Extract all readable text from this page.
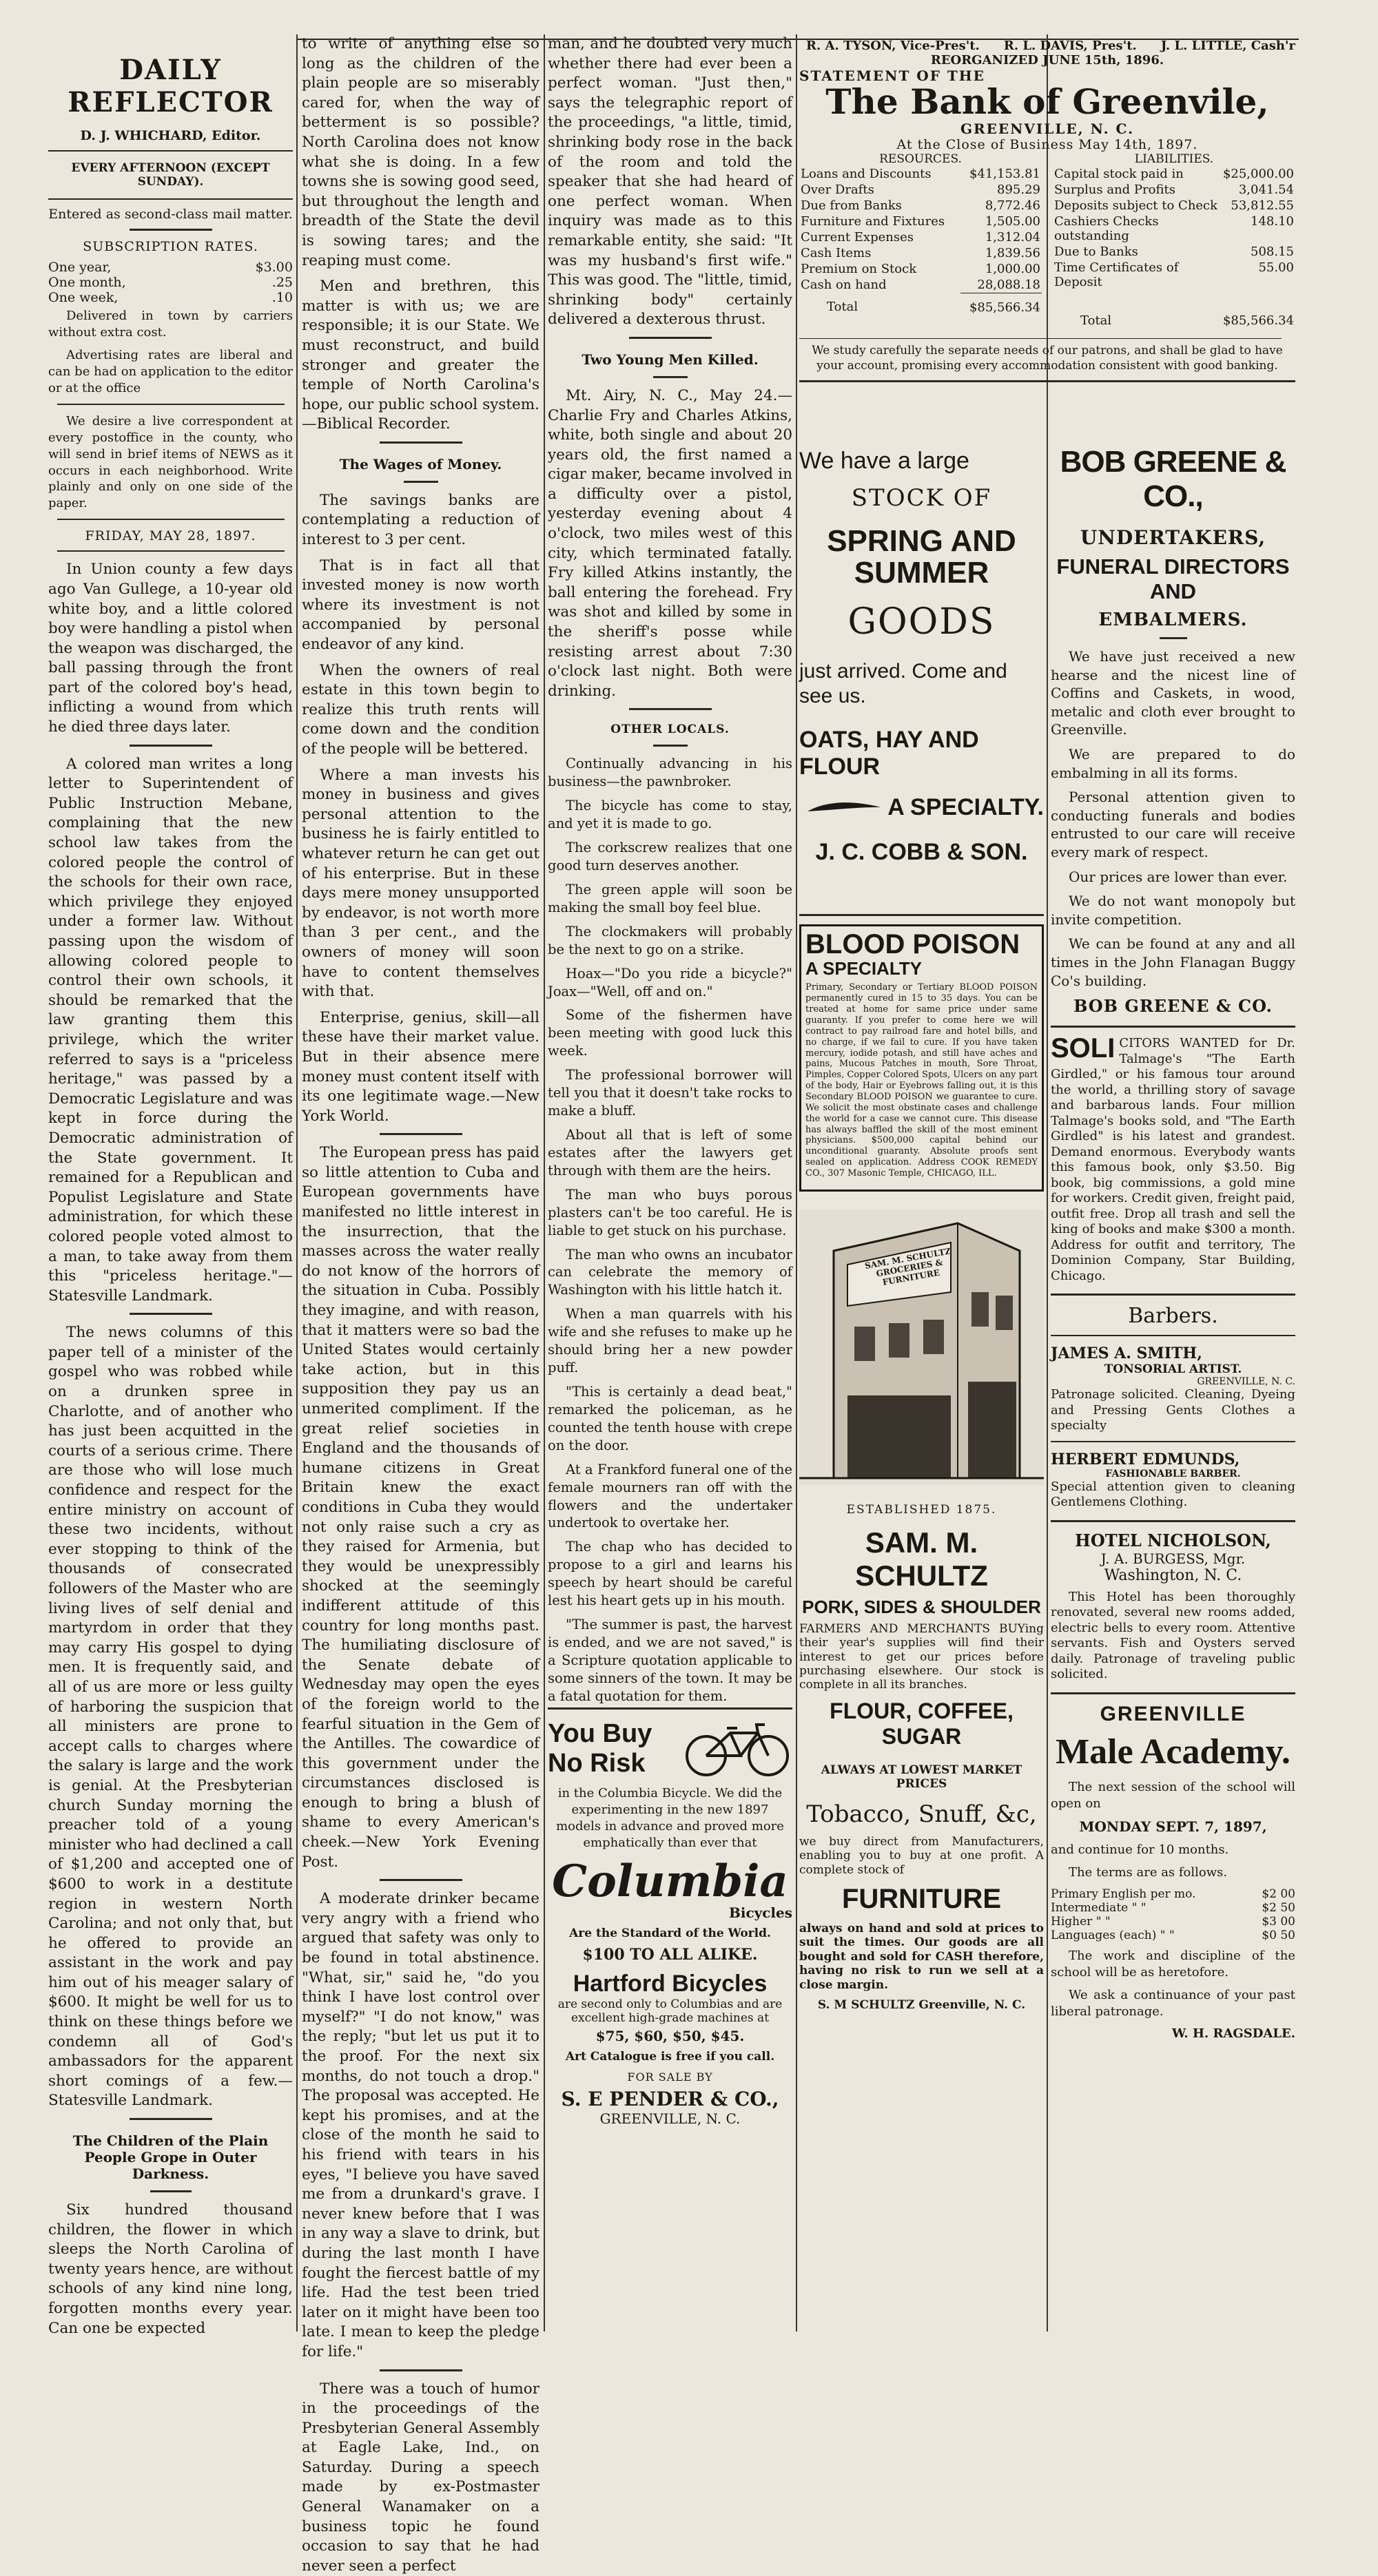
DAILY REFLECTOR
D. J. WHICHARD, Editor.
EVERY AFTERNOON (EXCEPT SUNDAY).
Entered as second-class mail matter.
SUBSCRIPTION RATES.
One year,	$3.00
One month,	.25
One week,	.10

Delivered in town by carriers without extra cost.

Advertising rates are liberal and can be had on application to the editor or at the office

We desire a live correspondent at every postoffice in the county, who will send in brief items of NEWS as it occurs in each neighborhood. Write plainly and only on one side of the paper.

FRIDAY, MAY 28, 1897.

In Union county a few days ago Van Gullege, a 10-year old white boy, and a little colored boy were handling a pistol when the weapon was discharged, the ball passing through the front part of the colored boy's head, inflicting a wound from which he died three days later.

A colored man writes a long letter to Superintendent of Public Instruction Mebane, complaining that the new school law takes from the colored people the control of the schools for their own race, which privilege they enjoyed under a former law. Without passing upon the wisdom of allowing colored people to control their own schools, it should be remarked that the law granting them this privilege, which the writer referred to says is a "priceless heritage," was passed by a Democratic Legislature and was kept in force during the Democratic administration of the State government. It remained for a Republican and Populist Legislature and State administration, for which these colored people voted almost to a man, to take away from them this "priceless heritage."—Statesville Landmark.

The news columns of this paper tell of a minister of the gospel who was robbed while on a drunken spree in Charlotte, and of another who has just been acquitted in the courts of a serious crime. There are those who will lose much confidence and respect for the entire ministry on account of these two incidents, without ever stopping to think of the thousands of consecrated followers of the Master who are living lives of self denial and martyrdom in order that they may carry His gospel to dying men. It is frequently said, and all of us are more or less guilty of harboring the suspicion that all ministers are prone to accept calls to charges where the salary is large and the work is genial. At the Presbyterian church Sunday morning the preacher told of a young minister who had declined a call of $1,200 and accepted one of $600 to work in a destitute region in western North Carolina; and not only that, but he offered to provide an assistant in the work and pay him out of his meager salary of $600. It might be well for us to think on these things before we condemn all of God's ambassadors for the apparent short comings of a few.—Statesville Landmark.

The Children of the Plain People Grope in Outer Darkness.

Six hundred thousand children, the flower in which sleeps the North Carolina of twenty years hence, are without schools of any kind nine long, forgotten months every year. Can one be expected

to write of anything else so long as the children of the plain people are so miserably cared for, when the way of betterment is so possible? North Carolina does not know what she is doing. In a few towns she is sowing good seed, but throughout the length and breadth of the State the devil is sowing tares; and the reaping must come.

Men and brethren, this matter is with us; we are responsible; it is our State. We must reconstruct, and build stronger and greater the temple of North Carolina's hope, our public school system.—Biblical Recorder.

The Wages of Money.

The savings banks are contemplating a reduction of interest to 3 per cent.

That is in fact all that invested money is now worth where its investment is not accompanied by personal endeavor of any kind.

When the owners of real estate in this town begin to realize this truth rents will come down and the condition of the people will be bettered.

Where a man invests his money in business and gives personal attention to the business he is fairly entitled to whatever return he can get out of his enterprise. But in these days mere money unsupported by endeavor, is not worth more than 3 per cent., and the owners of money will soon have to content themselves with that.

Enterprise, genius, skill—all these have their market value. But in their absence mere money must content itself with its one legitimate wage.—New York World.

The European press has paid so little attention to Cuba and European governments have manifested no little interest in the insurrection, that the masses across the water really do not know of the horrors of the situation in Cuba. Possibly they imagine, and with reason, that it matters were so bad the United States would certainly take action, but in this supposition they pay us an unmerited compliment. If the great relief societies in England and the thousands of humane citizens in Great Britain knew the exact conditions in Cuba they would not only raise such a cry as they raised for Armenia, but they would be unexpressibly shocked at the seemingly indifferent attitude of this country for long months past. The humiliating disclosure of the Senate debate of Wednesday may open the eyes of the foreign world to the fearful situation in the Gem of the Antilles. The cowardice of this government under the circumstances disclosed is enough to bring a blush of shame to every American's cheek.—New York Evening Post.

A moderate drinker became very angry with a friend who argued that safety was only to be found in total abstinence. "What, sir," said he, "do you think I have lost control over myself?" "I do not know," was the reply; "but let us put it to the proof. For the next six months, do not touch a drop." The proposal was accepted. He kept his promises, and at the close of the month he said to his friend with tears in his eyes, "I believe you have saved me from a drunkard's grave. I never knew before that I was in any way a slave to drink, but during the last month I have fought the fiercest battle of my life. Had the test been tried later on it might have been too late. I mean to keep the pledge for life."

There was a touch of humor in the proceedings of the Presbyterian General Assembly at Eagle Lake, Ind., on Saturday. During a speech made by ex-Postmaster General Wanamaker on a business topic he found occasion to say that he had never seen a perfect

man, and he doubted very much whether there had ever been a perfect woman. "Just then," says the telegraphic report of the proceedings, "a little, timid, shrinking body rose in the back of the room and told the speaker that she had heard of one perfect woman. When inquiry was made as to this remarkable entity, she said: "It was my husband's first wife." This was good. The "little, timid, shrinking body" certainly delivered a dexterous thrust.

Two Young Men Killed.

Mt. Airy, N. C., May 24.—Charlie Fry and Charles Atkins, white, both single and about 20 years old, the first named a cigar maker, became involved in a difficulty over a pistol, yesterday evening about 4 o'clock, two miles west of this city, which terminated fatally. Fry killed Atkins instantly, the ball entering the forehead. Fry was shot and killed by some in the sheriff's posse while resisting arrest about 7:30 o'clock last night. Both were drinking.

OTHER LOCALS.

Continually advancing in his business—the pawnbroker.

The bicycle has come to stay, and yet it is made to go.

The corkscrew realizes that one good turn deserves another.

The green apple will soon be making the small boy feel blue.

The clockmakers will probably be the next to go on a strike.

Hoax—"Do you ride a bicycle?" Joax—"Well, off and on."

Some of the fishermen have been meeting with good luck this week.

The professional borrower will tell you that it doesn't take rocks to make a bluff.

About all that is left of some estates after the lawyers get through with them are the heirs.

The man who buys porous plasters can't be too careful. He is liable to get stuck on his purchase.

The man who owns an incubator can celebrate the memory of Washington with his little hatch it.

When a man quarrels with his wife and she refuses to make up he should bring her a new powder puff.

"This is certainly a dead beat," remarked the policeman, as he counted the tenth house with crepe on the door.

At a Frankford funeral one of the female mourners ran off with the flowers and the undertaker undertook to overtake her.

The chap who has decided to propose to a girl and learns his speech by heart should be careful lest his heart gets up in his mouth.

"The summer is past, the harvest is ended, and we are not saved," is a Scripture quotation applicable to some sinners of the town. It may be a fatal quotation for them.

You Buy
No Risk

in the Columbia Bicycle. We did the experimenting in the new 1897 models in advance and proved more emphatically than ever that

Columbia
Bicycles
Are the Standard of the World.
$100 TO ALL ALIKE.
Hartford Bicycles
are second only to Columbias and are excellent high-grade machines at
$75, $60, $50, $45.
Art Catalogue is free if you call.
FOR SALE BY
S. E PENDER & CO.,
GREENVILLE, N. C.
R. A. TYSON, Vice-Pres't. R. L. DAVIS, Pres't. J. L. LITTLE, Cash'r
REORGANIZED JUNE 15th, 1896.
STATEMENT OF THE
The Bank of Greenvile,
GREENVILLE, N. C.
At the Close of Business May 14th, 1897.
RESOURCES.
Loans and Discounts	$41,153.81
Over Drafts	895.29
Due from Banks	8,772.46
Furniture and Fixtures	1,505.00
Current Expenses	1,312.04
Cash Items	1,839.56
Premium on Stock	1,000.00
Cash on hand	28,088.18
Total	$85,566.34
LIABILITIES.
Capital stock paid in	$25,000.00
Surplus and Profits	3,041.54
Deposits subject to Check	53,812.55
Cashiers Checks outstanding	148.10
Due to Banks	508.15
Time Certificates of Deposit	55.00
Total	$85,566.34
We study carefully the separate needs of our patrons, and shall be glad to have your account, promising every accommodation consistent with good banking.
We have a large
STOCK OF
SPRING AND SUMMER
GOODS
just arrived. Come and see us.
OATS, HAY AND FLOUR
A SPECIALTY.
J. C. COBB & SON.
BLOOD POISON
A SPECIALTY

Primary, Secondary or Tertiary BLOOD POISON permanently cured in 15 to 35 days. You can be treated at home for same price under same guaranty. If you prefer to come here we will contract to pay railroad fare and hotel bills, and no charge, if we fail to cure. If you have taken mercury, iodide potash, and still have aches and pains, Mucous Patches in mouth, Sore Throat, Pimples, Copper Colored Spots, Ulcers on any part of the body, Hair or Eyebrows falling out, it is this Secondary BLOOD POISON we guarantee to cure. We solicit the most obstinate cases and challenge the world for a case we cannot cure. This disease has always baffled the skill of the most eminent physicians. $500,000 capital behind our unconditional guaranty. Absolute proofs sent sealed on application. Address COOK REMEDY CO., 307 Masonic Temple, CHICAGO, ILL.

SAM. M. SCHULTZ GROCERIES & FURNITURE
ESTABLISHED 1875.
SAM. M. SCHULTZ
PORK, SIDES & SHOULDER

FARMERS AND MERCHANTS BUYing their year's supplies will find their interest to get our prices before purchasing elsewhere. Our stock is complete in all its branches.

FLOUR, COFFEE, SUGAR
ALWAYS AT LOWEST MARKET PRICES
Tobacco, Snuff, &c,

we buy direct from Manufacturers, enabling you to buy at one profit. A complete stock of

FURNITURE

always on hand and sold at prices to suit the times. Our goods are all bought and sold for CASH therefore, having no risk to run we sell at a close margin.

S. M SCHULTZ Greenville, N. C.
BOB GREENE & CO.,
UNDERTAKERS,
FUNERAL DIRECTORS AND
EMBALMERS.

We have just received a new hearse and the nicest line of Coffins and Caskets, in wood, metalic and cloth ever brought to Greenville.

We are prepared to do embalming in all its forms.

Personal attention given to conducting funerals and bodies entrusted to our care will receive every mark of respect.

Our prices are lower than ever.

We do not want monopoly but invite competition.

We can be found at any and all times in the John Flanagan Buggy Co's building.

BOB GREENE & CO.

SOLI CITORS WANTED for Dr. Talmage's "The Earth Girdled," or his famous tour around the world, a thrilling story of savage and barbarous lands. Four million Talmage's books sold, and "The Earth Girdled" is his latest and grandest. Demand enormous. Everybody wants this famous book, only $3.50. Big book, big commissions, a gold mine for workers. Credit given, freight paid, outfit free. Drop all trash and sell the king of books and make $300 a month. Address for outfit and territory, The Dominion Company, Star Building, Chicago.

Barbers.
JAMES A. SMITH,
TONSORIAL ARTIST.
GREENVILLE, N. C.

Patronage solicited. Cleaning, Dyeing and Pressing Gents Clothes a specialty

HERBERT EDMUNDS,
FASHIONABLE BARBER.

Special attention given to cleaning Gentlemens Clothing.

HOTEL NICHOLSON,
J. A. BURGESS, Mgr.
Washington, N. C.

This Hotel has been thoroughly renovated, several new rooms added, electric bells to every room. Attentive servants. Fish and Oysters served daily. Patronage of traveling public solicited.

GREENVILLE
Male Academy.

The next session of the school will open on

MONDAY SEPT. 7, 1897,

and continue for 10 months.

The terms are as follows.

Primary English per mo.	$2 00
Intermediate " "	$2 50
Higher " "	$3 00
Languages (each) " "	$0 50

The work and discipline of the school will be as heretofore.

We ask a continuance of your past liberal patronage.

W. H. RAGSDALE.
